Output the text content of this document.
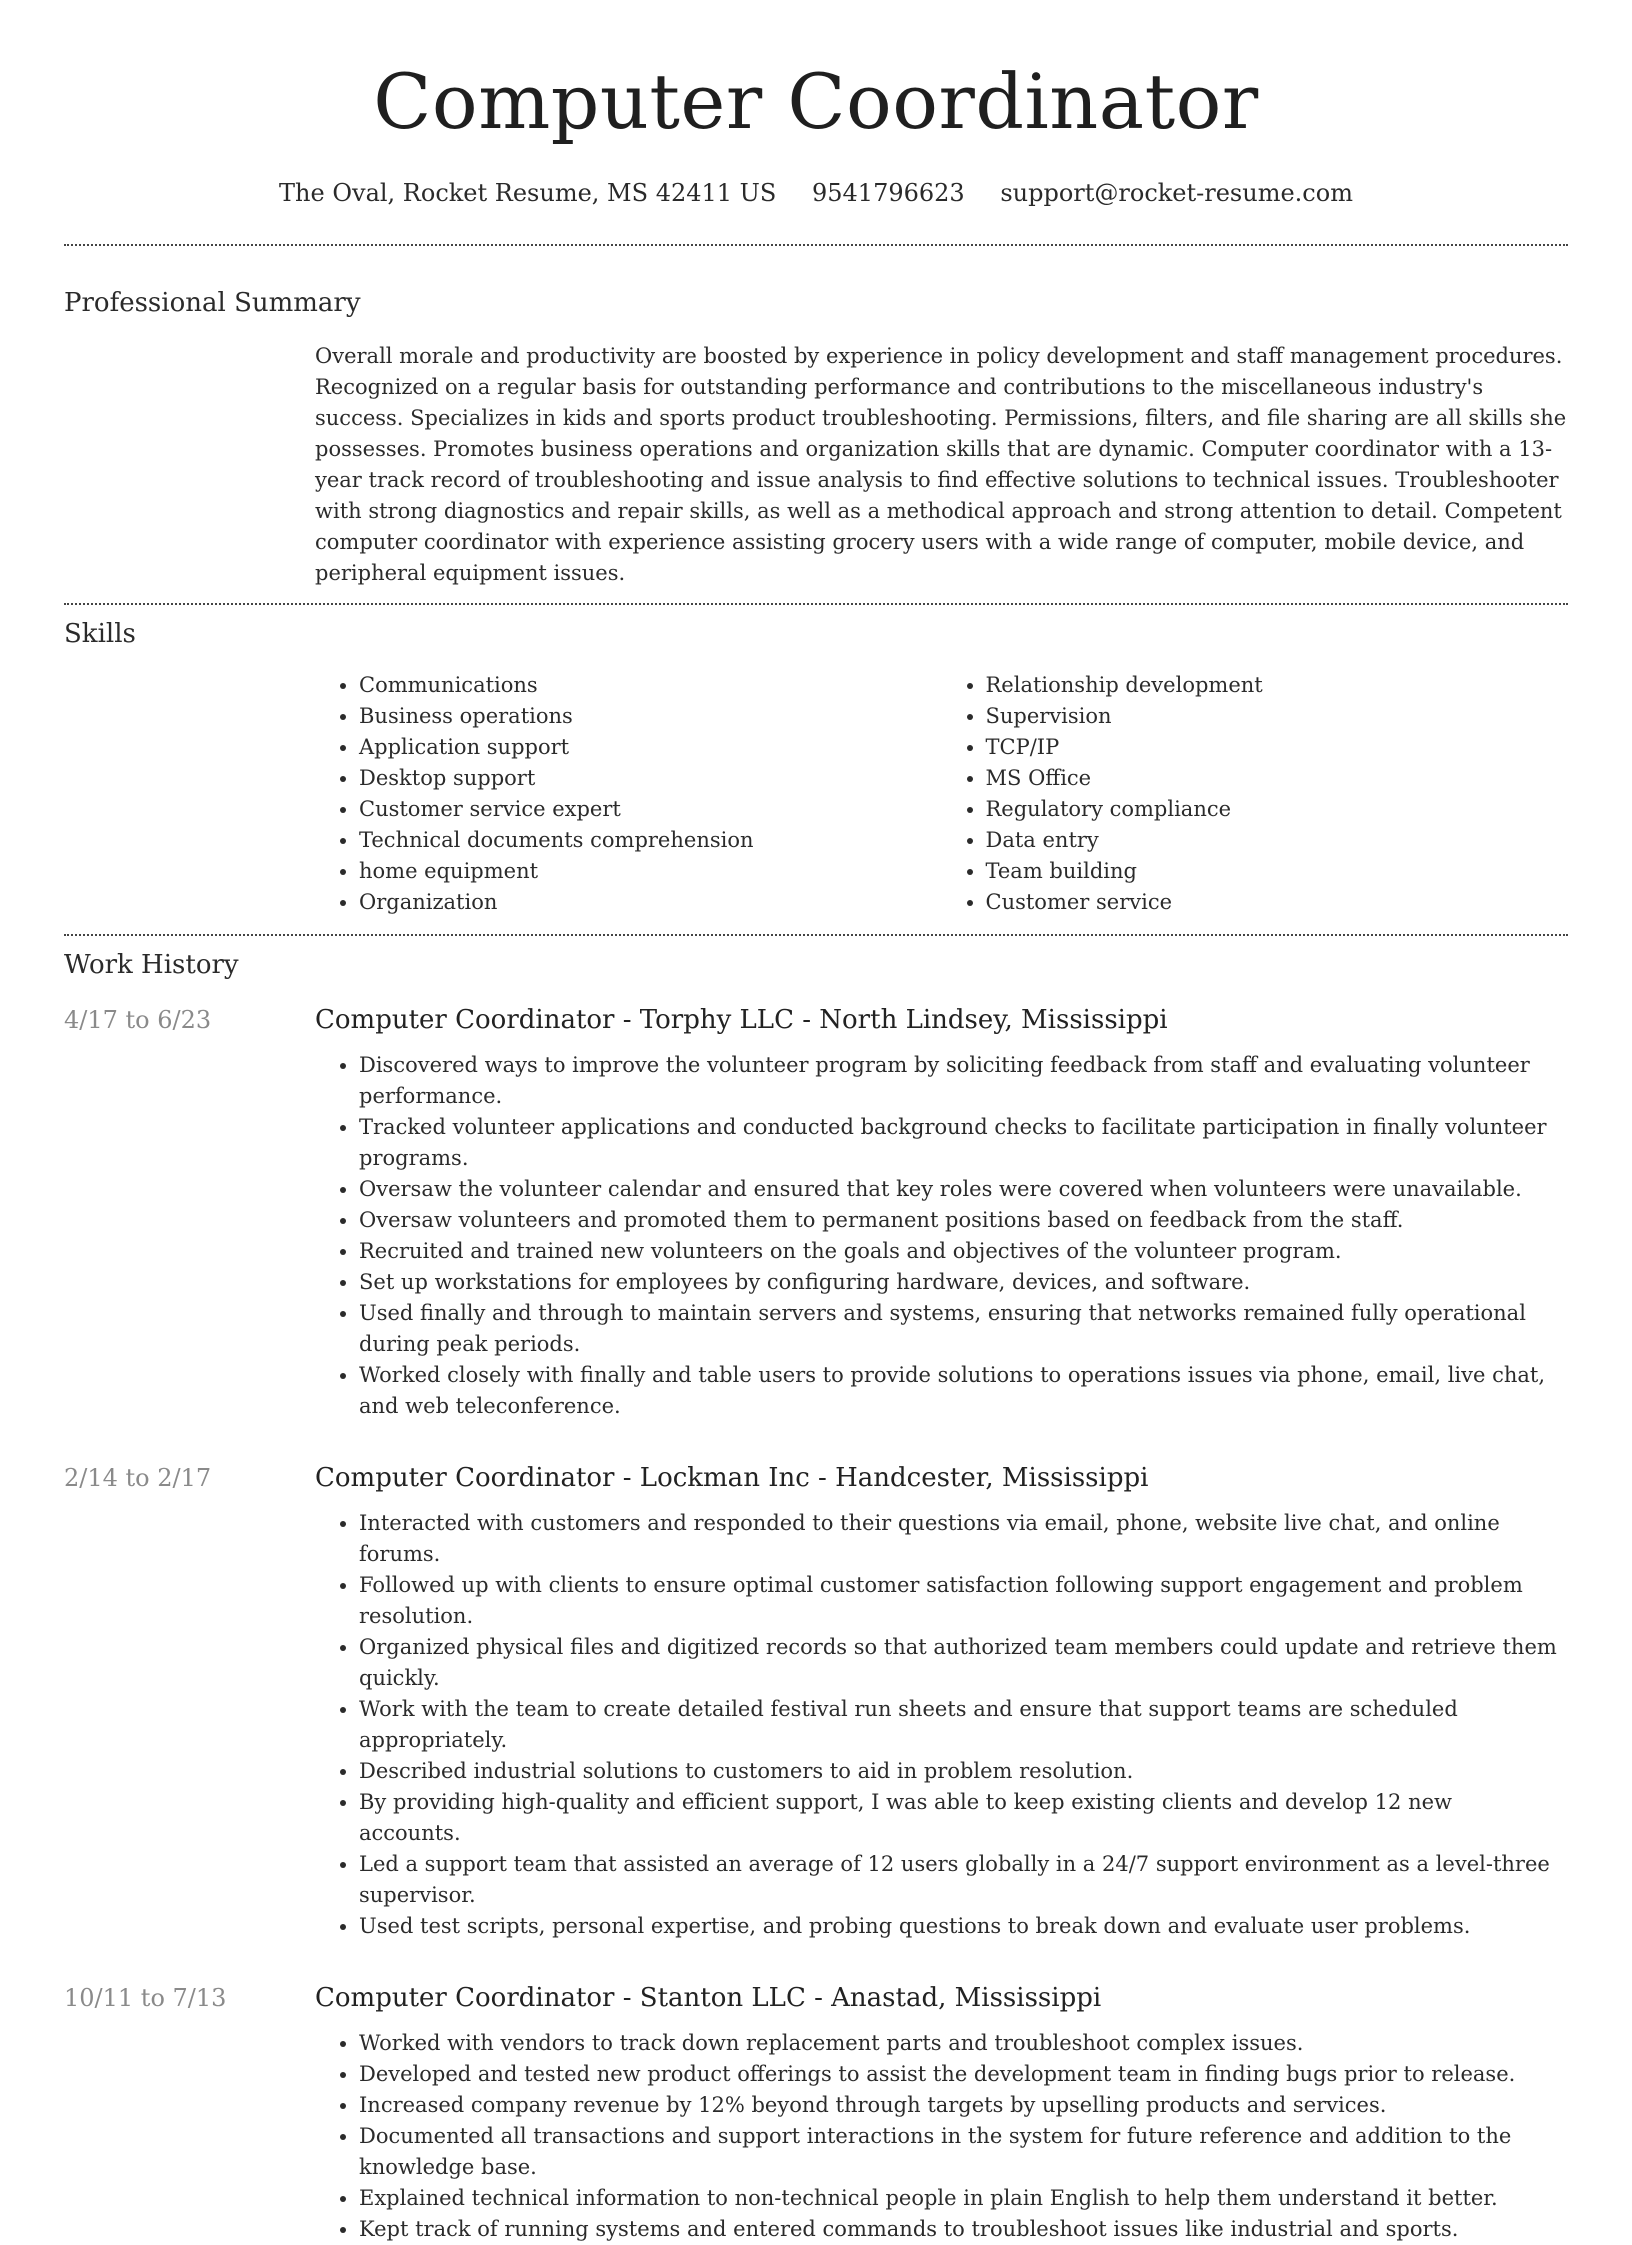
Computer Coordinator
The Oval, Rocket Resume, MS 42411 US 9541796623 support@rocket-resume.com
Professional Summary
Overall morale and productivity are boosted by experience in policy development and staff management procedures. Recognized on a regular basis for outstanding performance and contributions to the miscellaneous industry's success. Specializes in kids and sports product troubleshooting. Permissions, filters, and file sharing are all skills she possesses. Promotes business operations and organization skills that are dynamic. Computer coordinator with a 13-year track record of troubleshooting and issue analysis to find effective solutions to technical issues. Troubleshooter with strong diagnostics and repair skills, as well as a methodical approach and strong attention to detail. Competent computer coordinator with experience assisting grocery users with a wide range of computer, mobile device, and peripheral equipment issues.
Skills
• Communications
• Business operations
• Application support
• Desktop support
• Customer service expert
• Technical documents comprehension
• home equipment
• Organization
• Relationship development
• Supervision
• TCP/IP
• MS Office
• Regulatory compliance
• Data entry
• Team building
• Customer service
Work History
4/17 to 6/23	Computer Coordinator - Torphy LLC - North Lindsey, Mississippi
• Discovered ways to improve the volunteer program by soliciting feedback from staff and evaluating volunteer performance.
• Tracked volunteer applications and conducted background checks to facilitate participation in finally volunteer programs.
• Oversaw the volunteer calendar and ensured that key roles were covered when volunteers were unavailable.
• Oversaw volunteers and promoted them to permanent positions based on feedback from the staff.
• Recruited and trained new volunteers on the goals and objectives of the volunteer program.
• Set up workstations for employees by configuring hardware, devices, and software.
• Used finally and through to maintain servers and systems, ensuring that networks remained fully operational during peak periods.
• Worked closely with finally and table users to provide solutions to operations issues via phone, email, live chat, and web teleconference.
2/14 to 2/17	Computer Coordinator - Lockman Inc - Handcester, Mississippi
• Interacted with customers and responded to their questions via email, phone, website live chat, and online forums.
• Followed up with clients to ensure optimal customer satisfaction following support engagement and problem resolution.
• Organized physical files and digitized records so that authorized team members could update and retrieve them quickly.
• Work with the team to create detailed festival run sheets and ensure that support teams are scheduled appropriately.
• Described industrial solutions to customers to aid in problem resolution.
• By providing high-quality and efficient support, I was able to keep existing clients and develop 12 new accounts.
• Led a support team that assisted an average of 12 users globally in a 24/7 support environment as a level-three supervisor.
• Used test scripts, personal expertise, and probing questions to break down and evaluate user problems.
10/11 to 7/13	Computer Coordinator - Stanton LLC - Anastad, Mississippi
• Worked with vendors to track down replacement parts and troubleshoot complex issues.
• Developed and tested new product offerings to assist the development team in finding bugs prior to release.
• Increased company revenue by 12% beyond through targets by upselling products and services.
• Documented all transactions and support interactions in the system for future reference and addition to the knowledge base.
• Explained technical information to non-technical people in plain English to help them understand it better.
• Kept track of running systems and entered commands to troubleshoot issues like industrial and sports.
